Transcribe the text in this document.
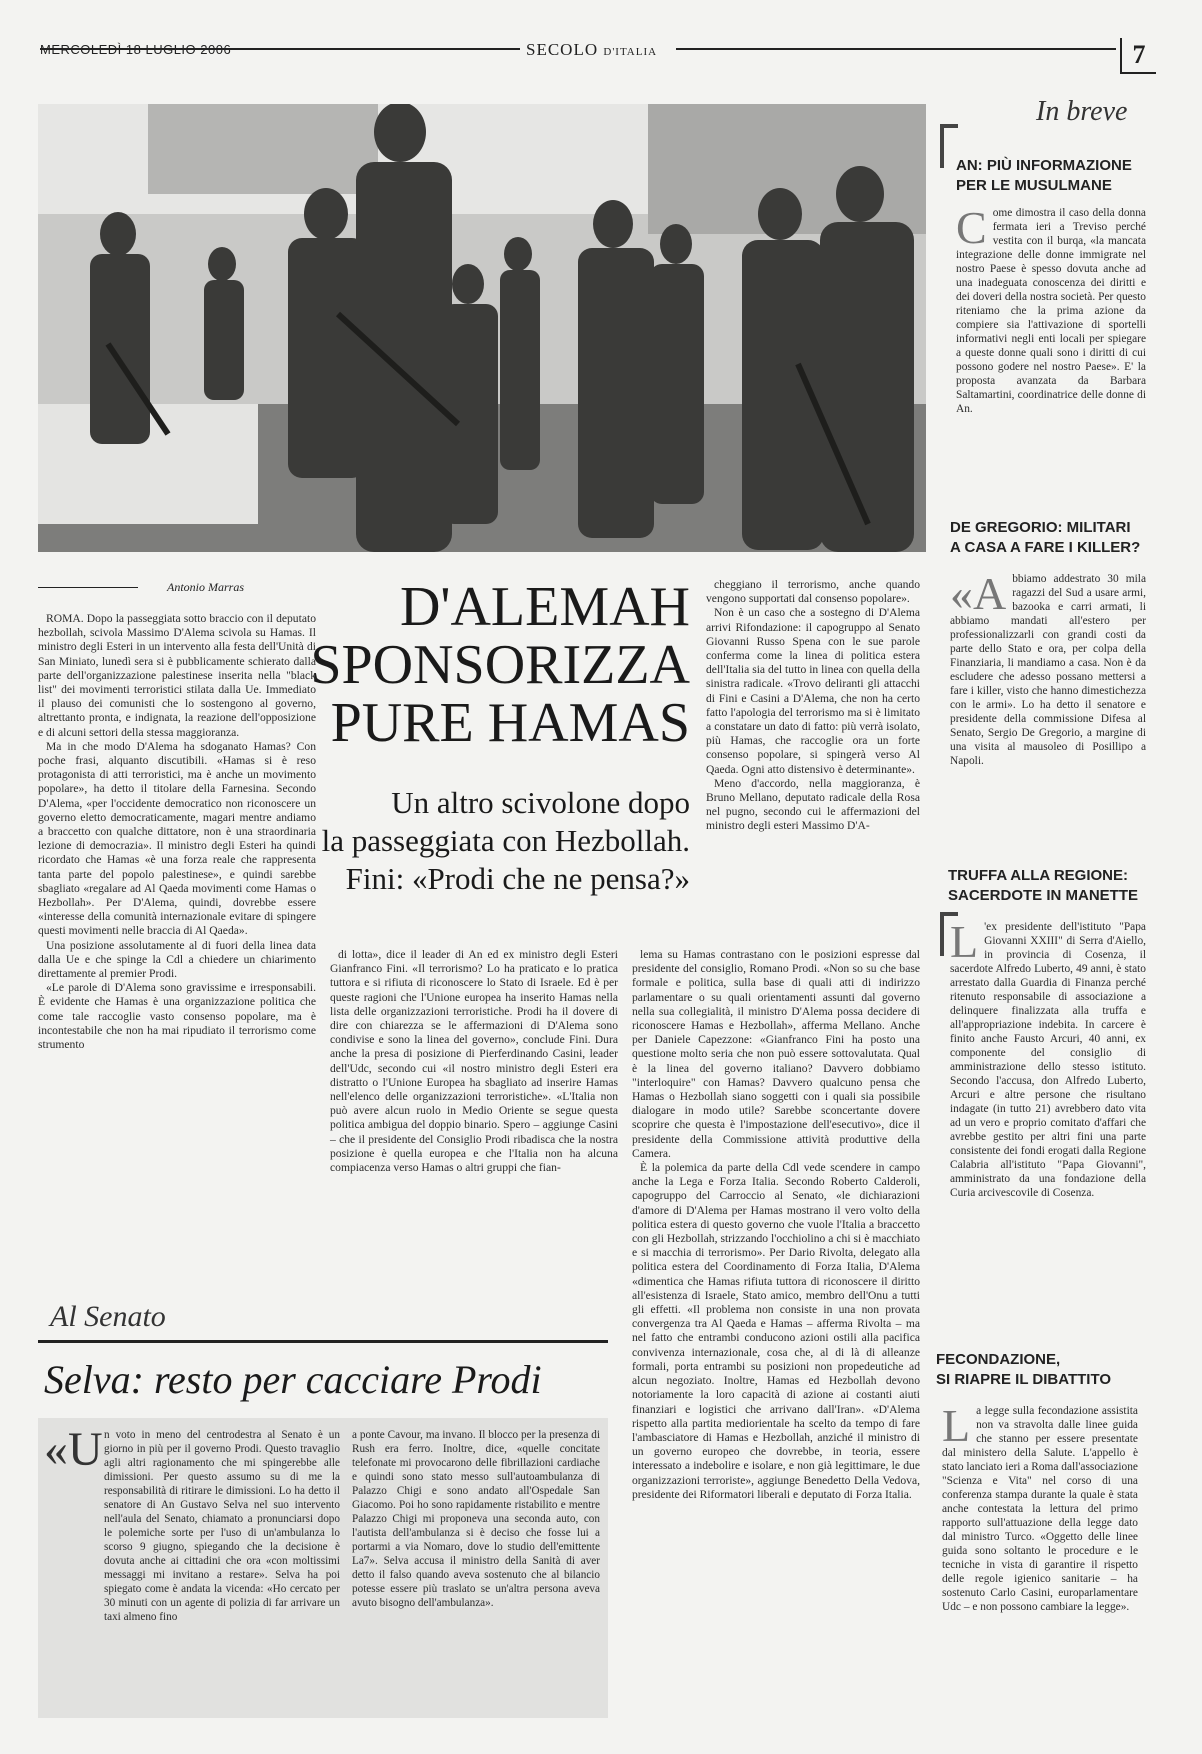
MERCOLEDÌ 18 LUGLIO 2006	SECOLO D'ITALIA	7
Antonio Marras	D'ALEMAH
SPONSORIZZA
PURE HAMAS
Un altro scivolone dopo
la passeggiata con Hezbollah.
Fini: «Prodi che ne pensa?»

ROMA. Dopo la passeggiata sotto braccio con il deputato hezbollah, scivola Massimo D'Alema scivola su Hamas. Il ministro degli Esteri in un intervento alla festa dell'Unità di San Miniato, lunedì sera si è pubblicamente schierato dalla parte dell'organizzazione palestinese inserita nella "black list" dei movimenti terroristici stilata dalla Ue. Immediato il plauso dei comunisti che lo sostengono al governo, altrettanto pronta, e indignata, la reazione dell'opposizione e di alcuni settori della stessa maggioranza.

Ma in che modo D'Alema ha sdoganato Hamas? Con poche frasi, alquanto discutibili. «Hamas si è reso protagonista di atti terroristici, ma è anche un movimento popolare», ha detto il titolare della Farnesina. Secondo D'Alema, «per l'occidente democratico non riconoscere un governo eletto democraticamente, magari mentre andiamo a braccetto con qualche dittatore, non è una straordinaria lezione di democrazia». Il ministro degli Esteri ha quindi ricordato che Hamas «è una forza reale che rappresenta tanta parte del popolo palestinese», e quindi sarebbe sbagliato «regalare ad Al Qaeda movimenti come Hamas o Hezbollah». Per D'Alema, quindi, dovrebbe essere «interesse della comunità internazionale evitare di spingere questi movimenti nelle braccia di Al Qaeda».

Una posizione assolutamente al di fuori della linea data dalla Ue e che spinge la Cdl a chiedere un chiarimento direttamente al premier Prodi.

«Le parole di D'Alema sono gravissime e irresponsabili. È evidente che Hamas è una organizzazione politica che come tale raccoglie vasto consenso popolare, ma è incontestabile che non ha mai ripudiato il terrorismo come strumento

di lotta», dice il leader di An ed ex ministro degli Esteri Gianfranco Fini. «Il terrorismo? Lo ha praticato e lo pratica tuttora e si rifiuta di riconoscere lo Stato di Israele. Ed è per queste ragioni che l'Unione europea ha inserito Hamas nella lista delle organizzazioni terroristiche. Prodi ha il dovere di dire con chiarezza se le affermazioni di D'Alema sono condivise e sono la linea del governo», conclude Fini. Dura anche la presa di posizione di Pierferdinando Casini, leader dell'Udc, secondo cui «il nostro ministro degli Esteri era distratto o l'Unione Europea ha sbagliato ad inserire Hamas nell'elenco delle organizzazioni terroristiche». «L'Italia non può avere alcun ruolo in Medio Oriente se segue questa politica ambigua del doppio binario. Spero – aggiunge Casini – che il presidente del Consiglio Prodi ribadisca che la nostra posizione è quella europea e che l'Italia non ha alcuna compiacenza verso Hamas o altri gruppi che fian-

cheggiano il terrorismo, anche quando vengono supportati dal consenso popolare».

Non è un caso che a sostegno di D'Alema arrivi Rifondazione: il capogruppo al Senato Giovanni Russo Spena con le sue parole conferma come la linea di politica estera dell'Italia sia del tutto in linea con quella della sinistra radicale. «Trovo deliranti gli attacchi di Fini e Casini a D'Alema, che non ha certo fatto l'apologia del terrorismo ma si è limitato a constatare un dato di fatto: più verrà isolato, più Hamas, che raccoglie ora un forte consenso popolare, si spingerà verso Al Qaeda. Ogni atto distensivo è determinante».

Meno d'accordo, nella maggioranza, è Bruno Mellano, deputato radicale della Rosa nel pugno, secondo cui le affermazioni del ministro degli esteri Massimo D'A-

lema su Hamas contrastano con le posizioni espresse dal presidente del consiglio, Romano Prodi. «Non so su che base formale e politica, sulla base di quali atti di indirizzo parlamentare o su quali orientamenti assunti dal governo nella sua collegialità, il ministro D'Alema possa decidere di riconoscere Hamas e Hezbollah», afferma Mellano. Anche per Daniele Capezzone: «Gianfranco Fini ha posto una questione molto seria che non può essere sottovalutata. Qual è la linea del governo italiano? Davvero dobbiamo "interloquire" con Hamas? Davvero qualcuno pensa che Hamas o Hezbollah siano soggetti con i quali sia possibile dialogare in modo utile? Sarebbe sconcertante dovere scoprire che questa è l'impostazione dell'esecutivo», dice il presidente della Commissione attività produttive della Camera.

È la polemica da parte della Cdl vede scendere in campo anche la Lega e Forza Italia. Secondo Roberto Calderoli, capogruppo del Carroccio al Senato, «le dichiarazioni d'amore di D'Alema per Hamas mostrano il vero volto della politica estera di questo governo che vuole l'Italia a braccetto con gli Hezbollah, strizzando l'occhiolino a chi si è macchiato e si macchia di terrorismo». Per Dario Rivolta, delegato alla politica estera del Coordinamento di Forza Italia, D'Alema «dimentica che Hamas rifiuta tuttora di riconoscere il diritto all'esistenza di Israele, Stato amico, membro dell'Onu a tutti gli effetti. «Il problema non consiste in una non provata convergenza tra Al Qaeda e Hamas – afferma Rivolta – ma nel fatto che entrambi conducono azioni ostili alla pacifica convivenza internazionale, cosa che, al di là di alleanze formali, porta entrambi su posizioni non propedeutiche ad alcun negoziato. Inoltre, Hamas ed Hezbollah devono notoriamente la loro capacità di azione ai costanti aiuti finanziari e logistici che arrivano dall'Iran». «D'Alema rispetto alla partita mediorientale ha scelto da tempo di fare l'ambasciatore di Hamas e Hezbollah, anziché il ministro di un governo europeo che dovrebbe, in teoria, essere interessato a indebolire e isolare, e non già legittimare, le due organizzazioni terroriste», aggiunge Benedetto Della Vedova, presidente dei Riformatori liberali e deputato di Forza Italia.

Al Senato
Selva: resto per cacciare Prodi
«U n voto in meno del centrodestra al Senato è un giorno in più per il governo Prodi. Questo travaglio agli altri ragionamento che mi spingerebbe alle dimissioni. Per questo assumo su di me la responsabilità di ritirare le dimissioni. Lo ha detto il senatore di An Gustavo Selva nel suo intervento nell'aula del Senato, chiamato a pronunciarsi dopo le polemiche sorte per l'uso di un'ambulanza lo scorso 9 giugno, spiegando che la decisione è dovuta anche ai cittadini che ora «con moltissimi messaggi mi invitano a restare». Selva ha poi spiegato come è andata la vicenda: «Ho cercato per 30 minuti con un agente di polizia di far arrivare un taxi almeno fino
a ponte Cavour, ma invano. Il blocco per la presenza di Rush era ferro. Inoltre, dice, «quelle concitate telefonate mi provocarono delle fibrillazioni cardiache e quindi sono stato messo sull'autoambulanza di Palazzo Chigi e sono andato all'Ospedale San Giacomo. Poi ho sono rapidamente ristabilito e mentre Palazzo Chigi mi proponeva una seconda auto, con l'autista dell'ambulanza si è deciso che fosse lui a portarmi a via Nomaro, dove lo studio dell'emittente La7». Selva accusa il ministro della Sanità di aver detto il falso quando aveva sostenuto che al bilancio potesse essere più traslato se un'altra persona aveva avuto bisogno dell'ambulanza».
In breve
AN: PIÙ INFORMAZIONE
PER LE MUSULMANE
C ome dimostra il caso della donna fermata ieri a Treviso perché vestita con il burqa, «la mancata integrazione delle donne immigrate nel nostro Paese è spesso dovuta anche ad una inadeguata conoscenza dei diritti e dei doveri della nostra società. Per questo riteniamo che la prima azione da compiere sia l'attivazione di sportelli informativi negli enti locali per spiegare a queste donne quali sono i diritti di cui possono godere nel nostro Paese». E' la proposta avanzata da Barbara Saltamartini, coordinatrice delle donne di An.
DE GREGORIO: MILITARI
A CASA A FARE I KILLER?
«A bbiamo addestrato 30 mila ragazzi del Sud a usare armi, bazooka e carri armati, li abbiamo mandati all'estero per professionalizzarli con grandi costi da parte dello Stato e ora, per colpa della Finanziaria, li mandiamo a casa. Non è da escludere che adesso possano mettersi a fare i killer, visto che hanno dimestichezza con le armi». Lo ha detto il senatore e presidente della commissione Difesa al Senato, Sergio De Gregorio, a margine di una visita al mausoleo di Posillipo a Napoli.
TRUFFA ALLA REGIONE:
SACERDOTE IN MANETTE
L 'ex presidente dell'istituto "Papa Giovanni XXIII" di Serra d'Aiello, in provincia di Cosenza, il sacerdote Alfredo Luberto, 49 anni, è stato arrestato dalla Guardia di Finanza perché ritenuto responsabile di associazione a delinquere finalizzata alla truffa e all'appropriazione indebita. In carcere è finito anche Fausto Arcuri, 40 anni, ex componente del consiglio di amministrazione dello stesso istituto. Secondo l'accusa, don Alfredo Luberto, Arcuri e altre persone che risultano indagate (in tutto 21) avrebbero dato vita ad un vero e proprio comitato d'affari che avrebbe gestito per altri fini una parte consistente dei fondi erogati dalla Regione Calabria all'istituto "Papa Giovanni", amministrato da una fondazione della Curia arcivescovile di Cosenza.
FECONDAZIONE,
SI RIAPRE IL DIBATTITO
L a legge sulla fecondazione assistita non va stravolta dalle linee guida che stanno per essere presentate dal ministero della Salute. L'appello è stato lanciato ieri a Roma dall'associazione "Scienza e Vita" nel corso di una conferenza stampa durante la quale è stata anche contestata la lettura del primo rapporto sull'attuazione della legge dato dal ministro Turco. «Oggetto delle linee guida sono soltanto le procedure e le tecniche in vista di garantire il rispetto delle regole igienico sanitarie – ha sostenuto Carlo Casini, europarlamentare Udc – e non possono cambiare la legge».
